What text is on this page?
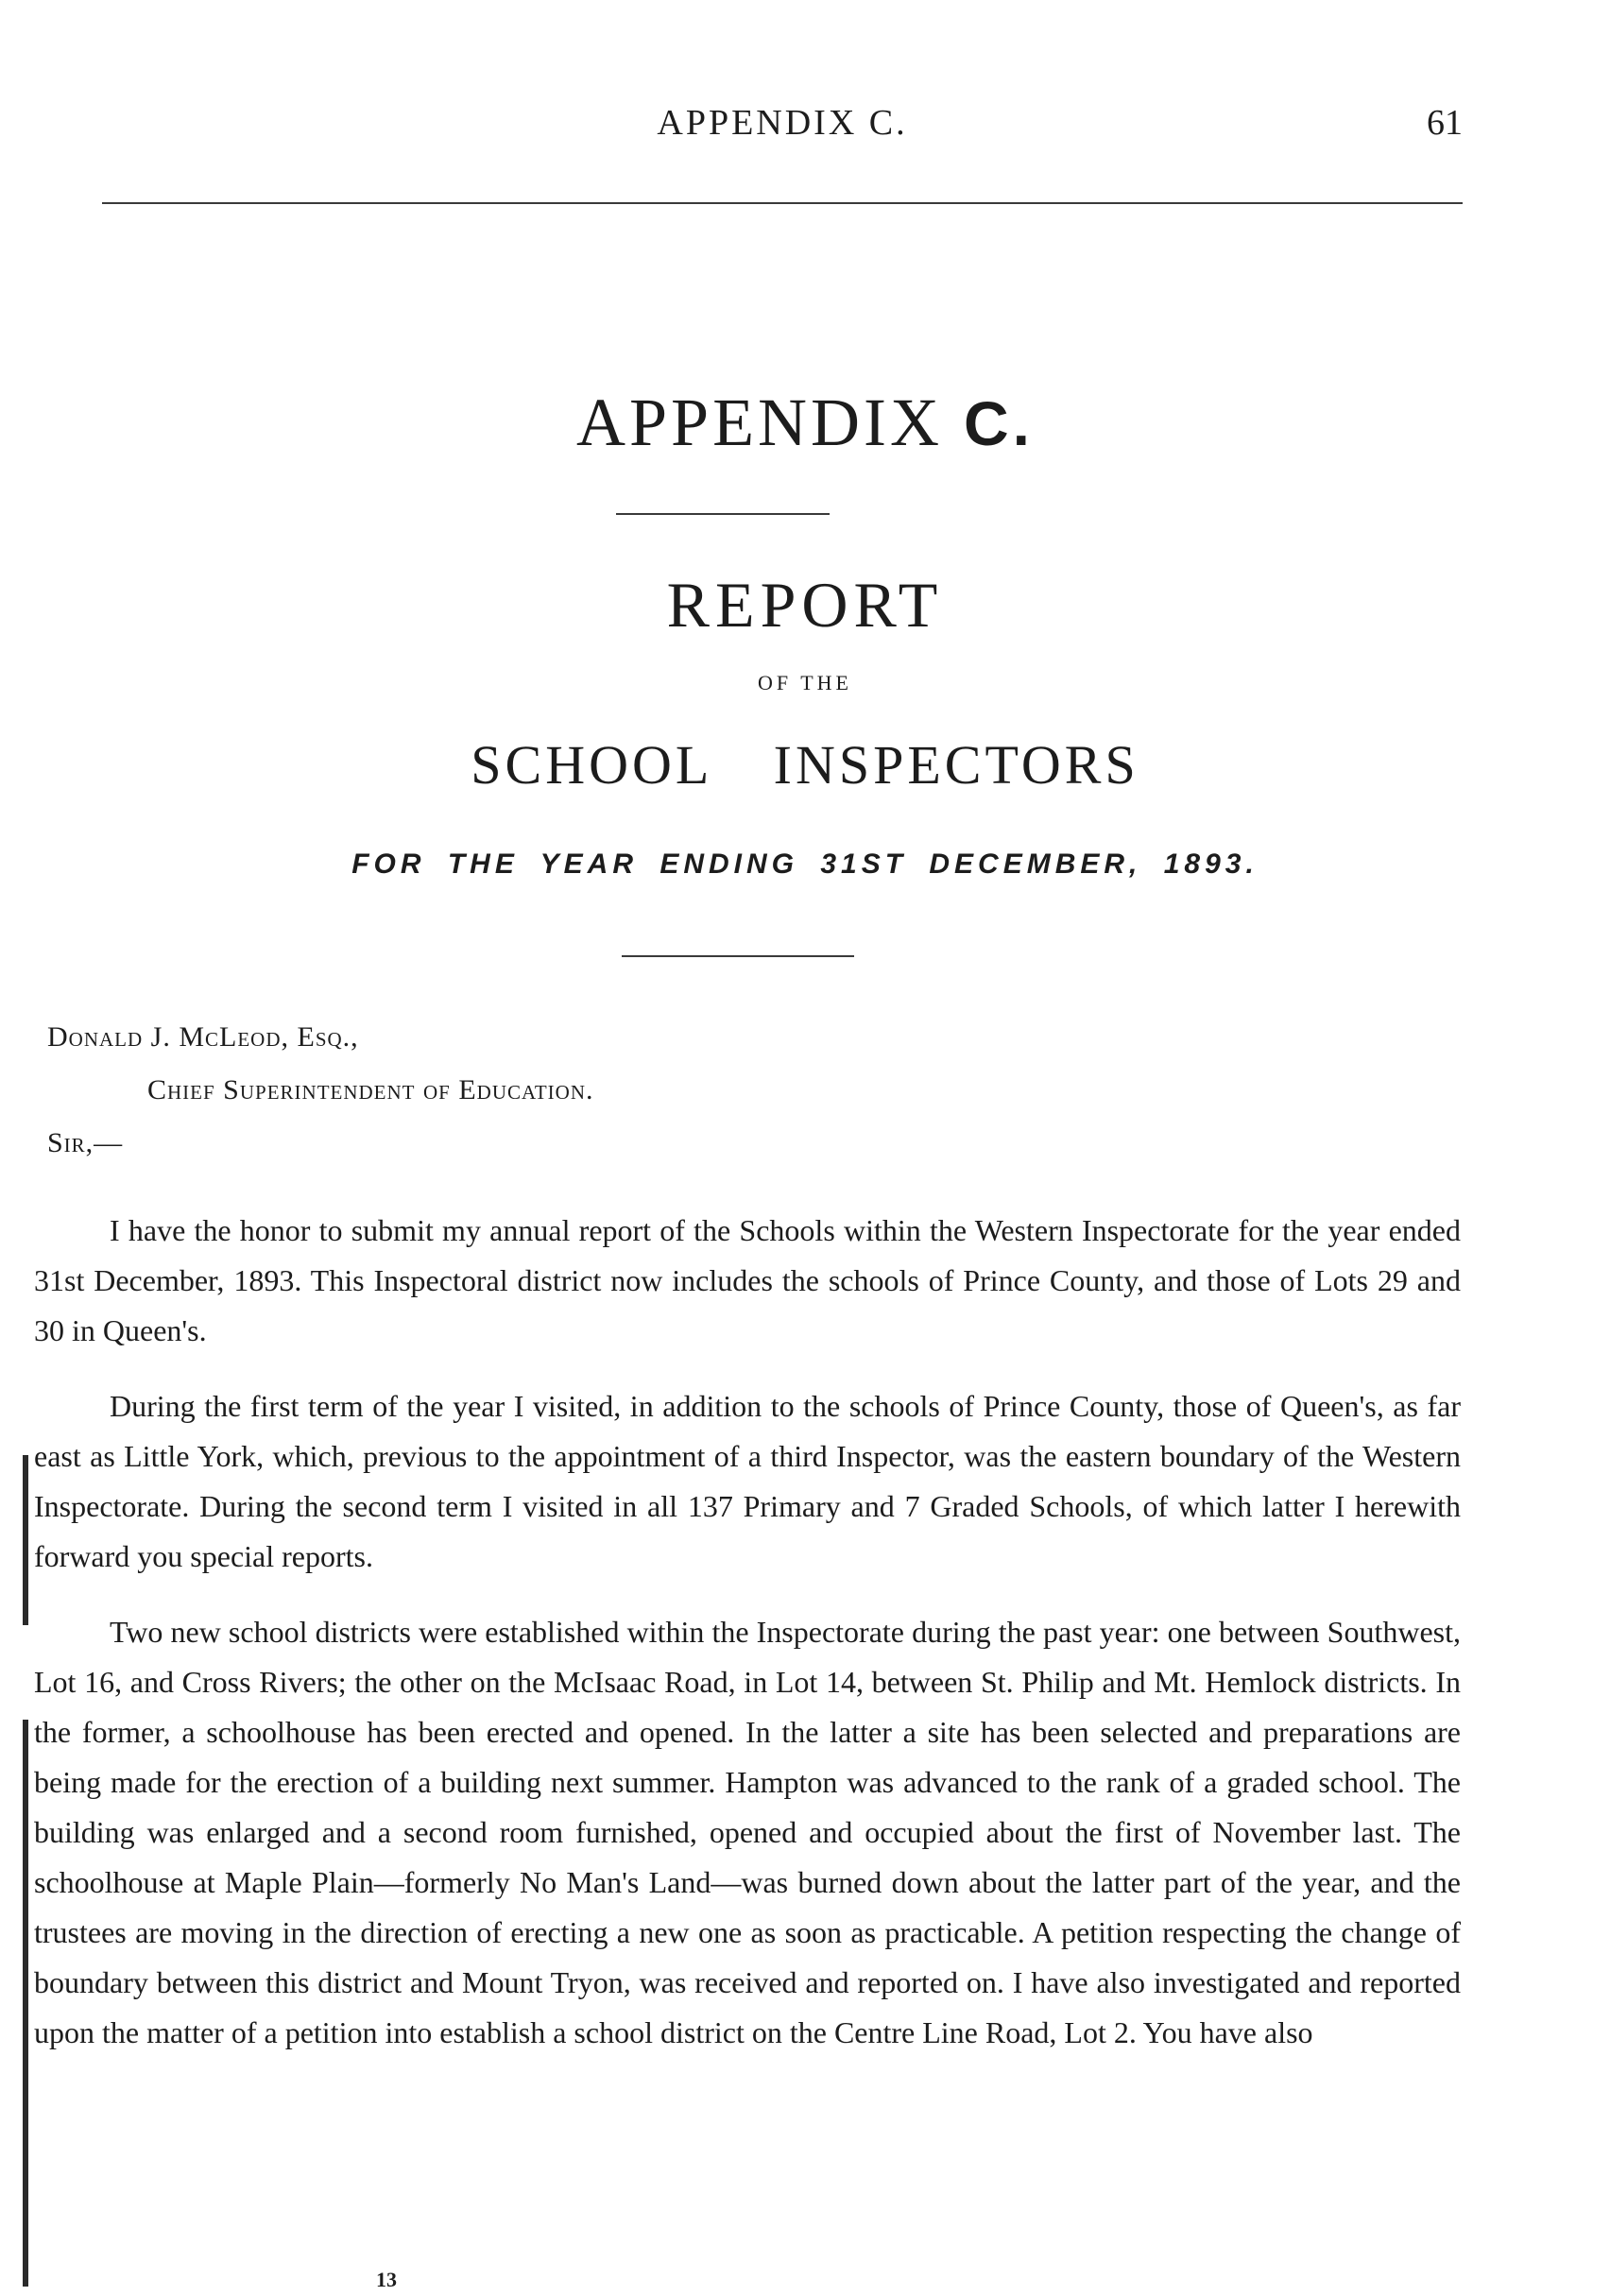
APPENDIX C.	61
APPENDIX C.
REPORT
OF THE
SCHOOL INSPECTORS
FOR THE YEAR ENDING 31ST DECEMBER, 1893.
Donald J. McLeod, Esq.,
Chief Superintendent of Education.
Sir,—

I have the honor to submit my annual report of the Schools within the Western Inspectorate for the year ended 31st December, 1893. This Inspectoral district now includes the schools of Prince County, and those of Lots 29 and 30 in Queen's.

During the first term of the year I visited, in addition to the schools of Prince County, those of Queen's, as far east as Little York, which, previous to the appointment of a third Inspector, was the eastern boundary of the Western Inspectorate. During the second term I visited in all 137 Primary and 7 Graded Schools, of which latter I herewith forward you special reports.

Two new school districts were established within the Inspectorate during the past year: one between Southwest, Lot 16, and Cross Rivers; the other on the McIsaac Road, in Lot 14, between St. Philip and Mt. Hemlock districts. In the former, a schoolhouse has been erected and opened. In the latter a site has been selected and preparations are being made for the erection of a building next summer. Hampton was advanced to the rank of a graded school. The building was enlarged and a second room furnished, opened and occupied about the first of November last. The schoolhouse at Maple Plain—formerly No Man's Land—was burned down about the latter part of the year, and the trustees are moving in the direction of erecting a new one as soon as practicable. A petition respecting the change of boundary between this district and Mount Tryon, was received and reported on. I have also investigated and reported upon the matter of a petition into establish a school district on the Centre Line Road, Lot 2. You have also

13
